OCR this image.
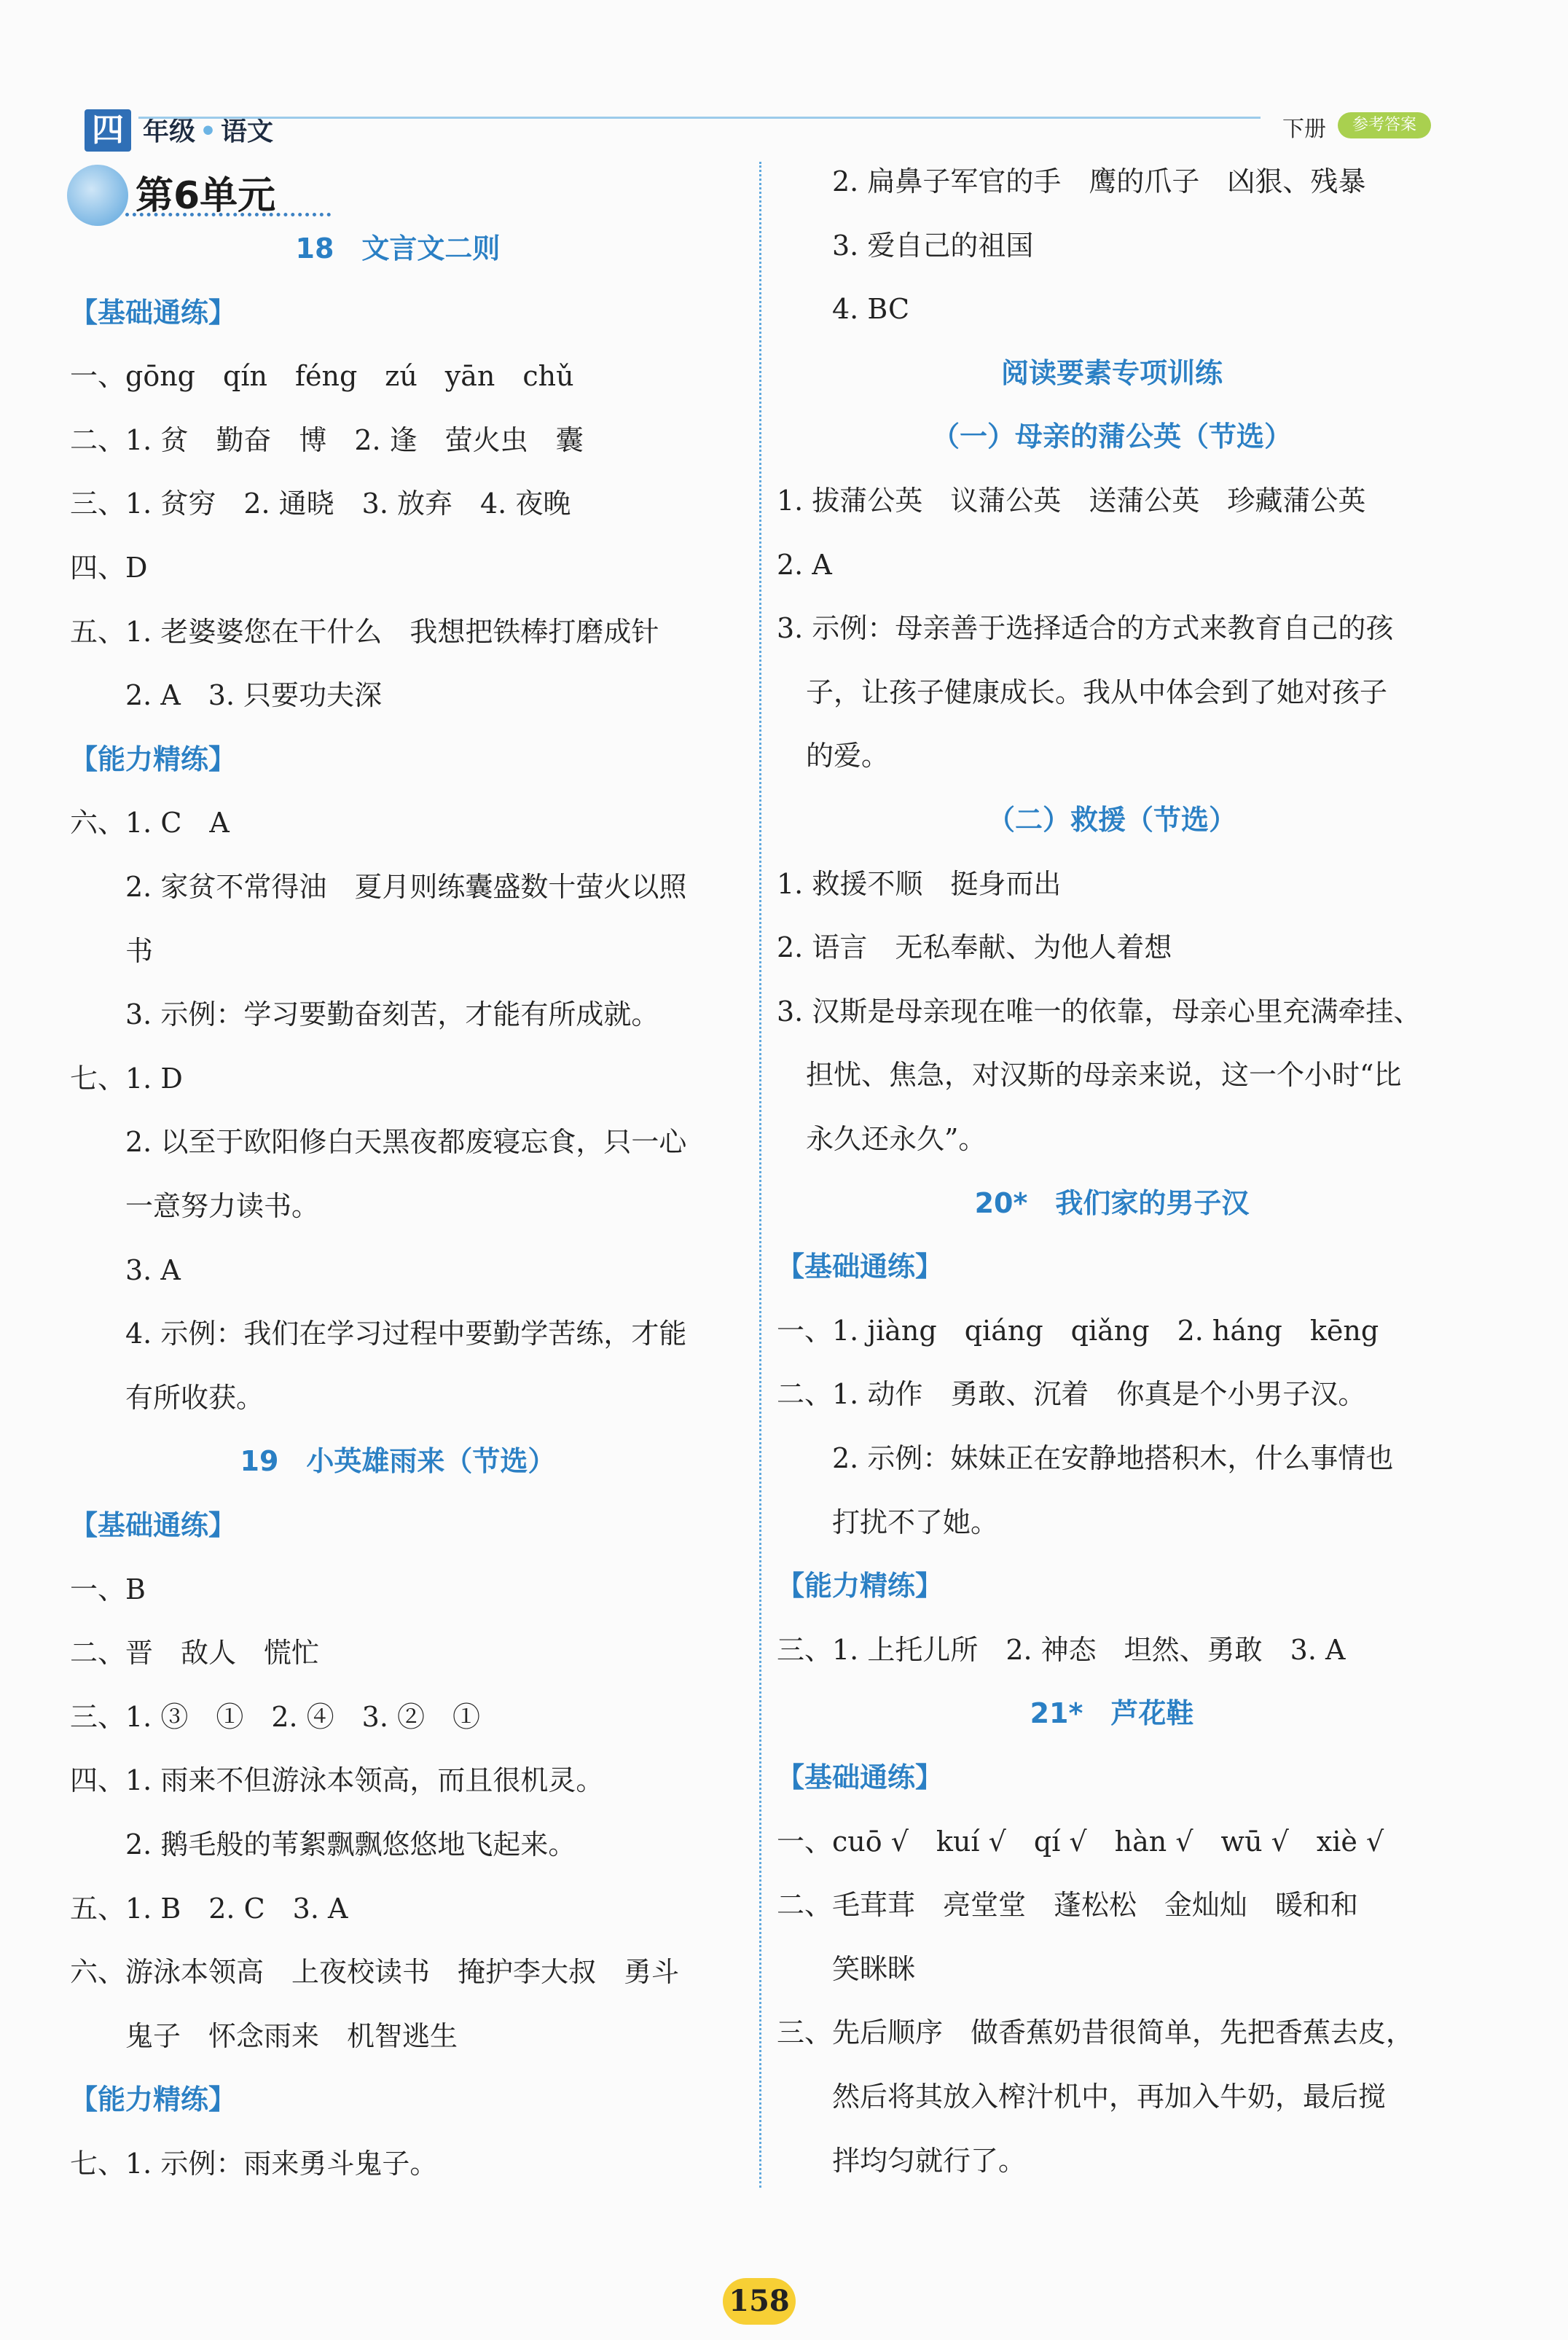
四 年级 • 语文	下册	参考答案
第6单元
18　文言文二则
【基础通练】
一、gōng　qín　féng　zú　yān　chǔ
二、1. 贫　勤奋　博　2. 逢　萤火虫　囊
三、1. 贫穷　2. 通晓　3. 放弃　4. 夜晚
四、D
五、1. 老婆婆您在干什么　我想把铁棒打磨成针
2. A　3. 只要功夫深
【能力精练】
六、1. C　A
2. 家贫不常得油　夏月则练囊盛数十萤火以照
书
3. 示例：学习要勤奋刻苦，才能有所成就。
七、1. D
2. 以至于欧阳修白天黑夜都废寝忘食，只一心
一意努力读书。
3. A
4. 示例：我们在学习过程中要勤学苦练，才能
有所收获。
19　小英雄雨来（节选）
【基础通练】
一、B
二、晋　敌人　慌忙
三、1. ③　①　2. ④　3. ②　①
四、1. 雨来不但游泳本领高，而且很机灵。
2. 鹅毛般的苇絮飘飘悠悠地飞起来。
五、1. B　2. C　3. A
六、游泳本领高　上夜校读书　掩护李大叔　勇斗
鬼子　怀念雨来　机智逃生
【能力精练】
七、1. 示例：雨来勇斗鬼子。
2. 扁鼻子军官的手　鹰的爪子　凶狠、残暴
3. 爱自己的祖国
4. BC
阅读要素专项训练
（一）母亲的蒲公英（节选）
1. 拔蒲公英　议蒲公英　送蒲公英　珍藏蒲公英
2. A
3. 示例：母亲善于选择适合的方式来教育自己的孩
子，让孩子健康成长。我从中体会到了她对孩子
的爱。
（二）救援（节选）
1. 救援不顺　挺身而出
2. 语言　无私奉献、为他人着想
3. 汉斯是母亲现在唯一的依靠，母亲心里充满牵挂、
担忧、焦急，对汉斯的母亲来说，这一个小时“比
永久还永久”。
20*　我们家的男子汉
【基础通练】
一、1. jiàng　qiáng　qiǎng　2. háng　kēng
二、1. 动作　勇敢、沉着　你真是个小男子汉。
2. 示例：妹妹正在安静地搭积木，什么事情也
打扰不了她。
【能力精练】
三、1. 上托儿所　2. 神态　坦然、勇敢　3. A
21*　芦花鞋
【基础通练】
一、cuō √　kuí √　qí √　hàn √　wū √　xiè √
二、毛茸茸　亮堂堂　蓬松松　金灿灿　暖和和
笑眯眯
三、先后顺序　做香蕉奶昔很简单，先把香蕉去皮，
然后将其放入榨汁机中，再加入牛奶，最后搅
拌均匀就行了。
158
